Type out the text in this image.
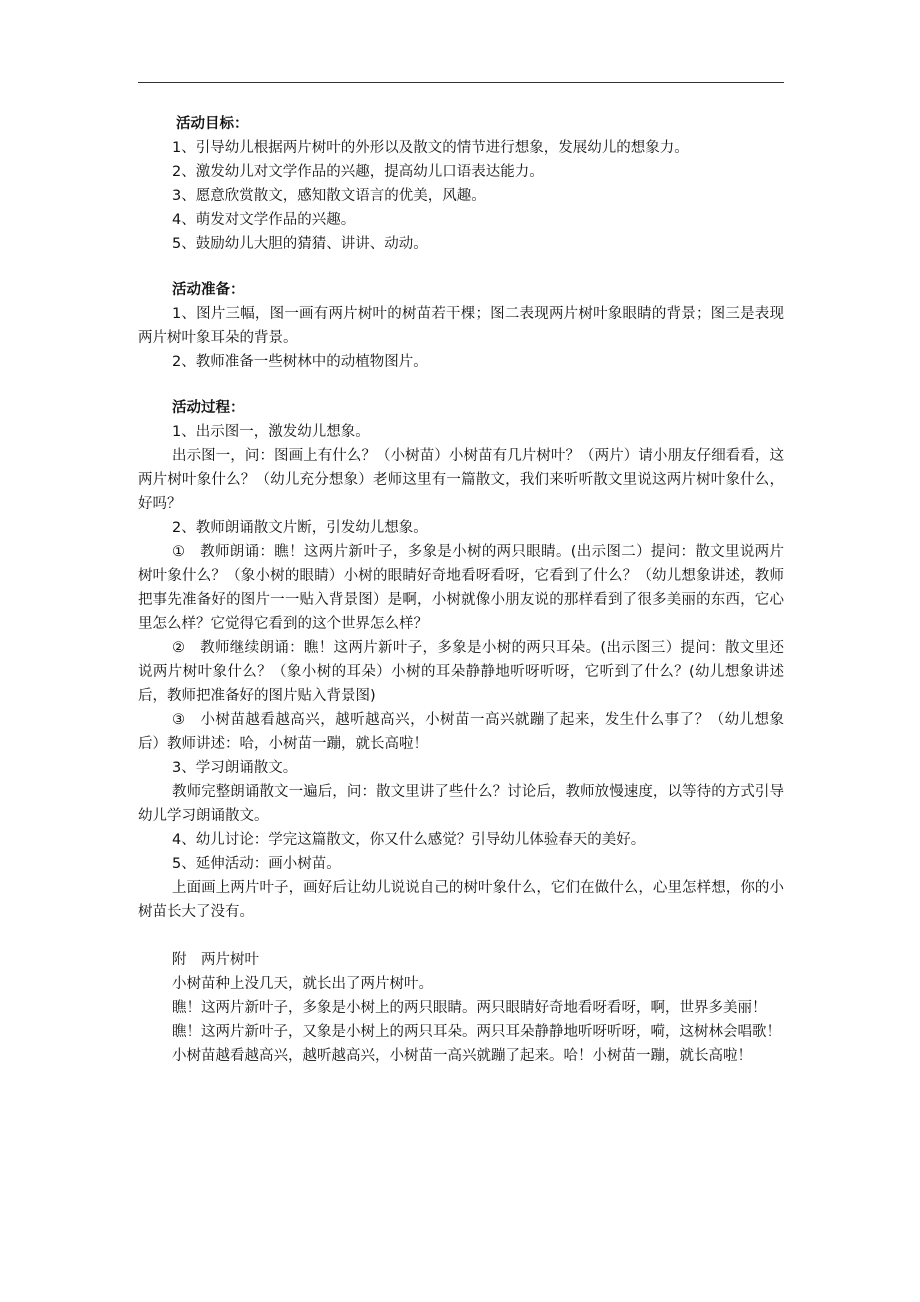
活动目标：

1、引导幼儿根据两片树叶的外形以及散文的情节进行想象，发展幼儿的想象力。

2、激发幼儿对文学作品的兴趣，提高幼儿口语表达能力。

3、愿意欣赏散文，感知散文语言的优美，风趣。

4、萌发对文学作品的兴趣。

5、鼓励幼儿大胆的猜猜、讲讲、动动。

活动准备：

1、图片三幅，图一画有两片树叶的树苗若干棵；图二表现两片树叶象眼睛的背景；图三是表现两片树叶象耳朵的背景。

2、教师准备一些树林中的动植物图片。

活动过程：

1、出示图一，激发幼儿想象。

出示图一，问：图画上有什么？（小树苗）小树苗有几片树叶？（两片）请小朋友仔细看看，这两片树叶象什么？（幼儿充分想象）老师这里有一篇散文，我们来听听散文里说这两片树叶象什么，好吗？

2、教师朗诵散文片断，引发幼儿想象。

①　教师朗诵：瞧！这两片新叶子，多象是小树的两只眼睛。(出示图二）提问：散文里说两片树叶象什么？（象小树的眼睛）小树的眼睛好奇地看呀看呀，它看到了什么？（幼儿想象讲述，教师把事先准备好的图片一一贴入背景图）是啊，小树就像小朋友说的那样看到了很多美丽的东西，它心里怎么样？它觉得它看到的这个世界怎么样？

②　教师继续朗诵：瞧！这两片新叶子，多象是小树的两只耳朵。(出示图三）提问：散文里还说两片树叶象什么？（象小树的耳朵）小树的耳朵静静地听呀听呀，它听到了什么？(幼儿想象讲述后，教师把准备好的图片贴入背景图)

③　小树苗越看越高兴，越听越高兴，小树苗一高兴就蹦了起来，发生什么事了？（幼儿想象后）教师讲述：哈，小树苗一蹦，就长高啦！

3、学习朗诵散文。

教师完整朗诵散文一遍后，问：散文里讲了些什么？讨论后，教师放慢速度，以等待的方式引导幼儿学习朗诵散文。

4、幼儿讨论：学完这篇散文，你又什么感觉？引导幼儿体验春天的美好。

5、延伸活动：画小树苗。

上面画上两片叶子，画好后让幼儿说说自己的树叶象什么，它们在做什么，心里怎样想，你的小树苗长大了没有。

附　两片树叶

小树苗种上没几天，就长出了两片树叶。

瞧！这两片新叶子，多象是小树上的两只眼睛。两只眼睛好奇地看呀看呀，啊，世界多美丽！

瞧！这两片新叶子，又象是小树上的两只耳朵。两只耳朵静静地听呀听呀，嗬，这树林会唱歌！

小树苗越看越高兴，越听越高兴，小树苗一高兴就蹦了起来。哈！小树苗一蹦，就长高啦！
